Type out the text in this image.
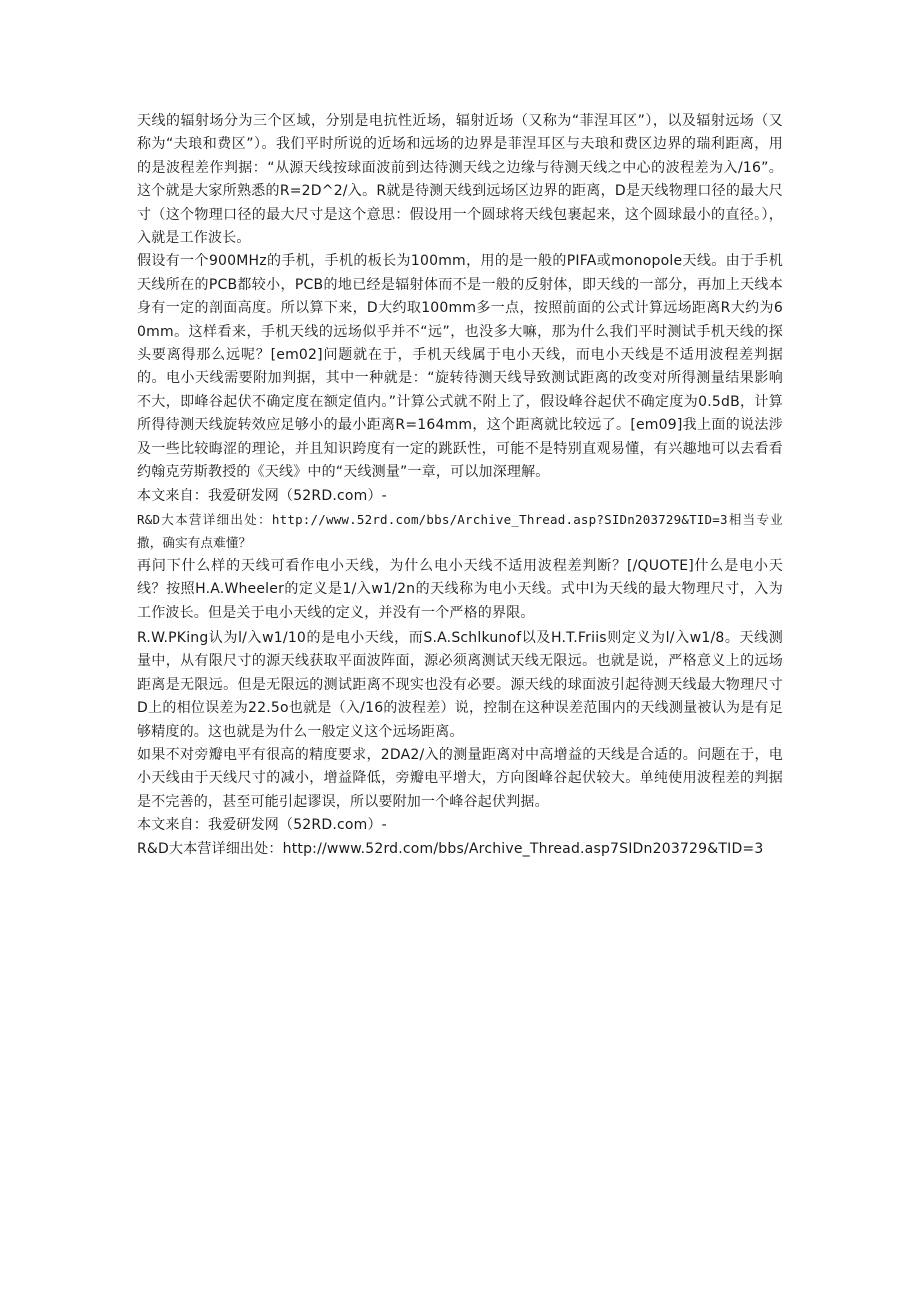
天线的辐射场分为三个区域，分别是电抗性近场，辐射近场（又称为“菲涅耳区”），以及辐射远场（又称为“夫琅和费区”）。我们平时所说的近场和远场的边界是菲涅耳区与夫琅和费区边界的瑞利距离，用的是波程差作判据：“从源天线按球面波前到达待测天线之边缘与待测天线之中心的波程差为入/16”。这个就是大家所熟悉的R=2D^2/入。R就是待测天线到远场区边界的距离，D是天线物理口径的最大尺寸（这个物理口径的最大尺寸是这个意思：假设用一个圆球将天线包裹起来，这个圆球最小的直径。），入就是工作波长。

假设有一个900MHz的手机，手机的板长为100mm，用的是一般的PIFA或monopole天线。由于手机天线所在的PCB都较小，PCB的地已经是辐射体而不是一般的反射体，即天线的一部分，再加上天线本身有一定的剖面高度。所以算下来，D大约取100mm多一点，按照前面的公式计算远场距离R大约为60mm。这样看来，手机天线的远场似乎并不“远”，也没多大嘛，那为什么我们平时测试手机天线的探头要离得那么远呢？[em02]问题就在于，手机天线属于电小天线，而电小天线是不适用波程差判据的。电小天线需要附加判据，其中一种就是：“旋转待测天线导致测试距离的改变对所得测量结果影响不大，即峰谷起伏不确定度在额定值内。”计算公式就不附上了，假设峰谷起伏不确定度为0.5dB，计算所得待测天线旋转效应足够小的最小距离R=164mm，这个距离就比较远了。[em09]我上面的说法涉及一些比较晦涩的理论，并且知识跨度有一定的跳跃性，可能不是特别直观易懂，有兴趣地可以去看看约翰克劳斯教授的《天线》中的“天线测量”一章，可以加深理解。

本文来自：我爱研发网（52RD.com）-

R&D大本营详细出处：http://www.52rd.com/bbs/Archive_Thread.asp?SIDn203729&TID=3相当专业撒，确实有点难懂？

再问下什么样的天线可看作电小天线，为什么电小天线不适用波程差判断？[/QUOTE]什么是电小天线？按照H.A.Wheeler的定义是1/入w1/2n的天线称为电小天线。式中l为天线的最大物理尺寸，入为工作波长。但是关于电小天线的定义，并没有一个严格的界限。

R.W.PKing认为l/入w1/10的是电小天线，而S.A.Schlkunof以及H.T.Friis则定义为l/入w1/8。天线测量中，从有限尺寸的源天线获取平面波阵面，源必须离测试天线无限远。也就是说，严格意义上的远场距离是无限远。但是无限远的测试距离不现实也没有必要。源天线的球面波引起待测天线最大物理尺寸D上的相位误差为22.5o也就是（入/16的波程差）说，控制在这种误差范围内的天线测量被认为是有足够精度的。这也就是为什么一般定义这个远场距离。

如果不对旁瓣电平有很高的精度要求，2DA2/入的测量距离对中高增益的天线是合适的。问题在于，电小天线由于天线尺寸的减小，增益降低，旁瓣电平增大，方向图峰谷起伏较大。单纯使用波程差的判据是不完善的，甚至可能引起谬误，所以要附加一个峰谷起伏判据。

本文来自：我爱研发网（52RD.com）-

R&D大本营详细出处：http://www.52rd.com/bbs/Archive_Thread.asp7SIDn203729&TID=3
